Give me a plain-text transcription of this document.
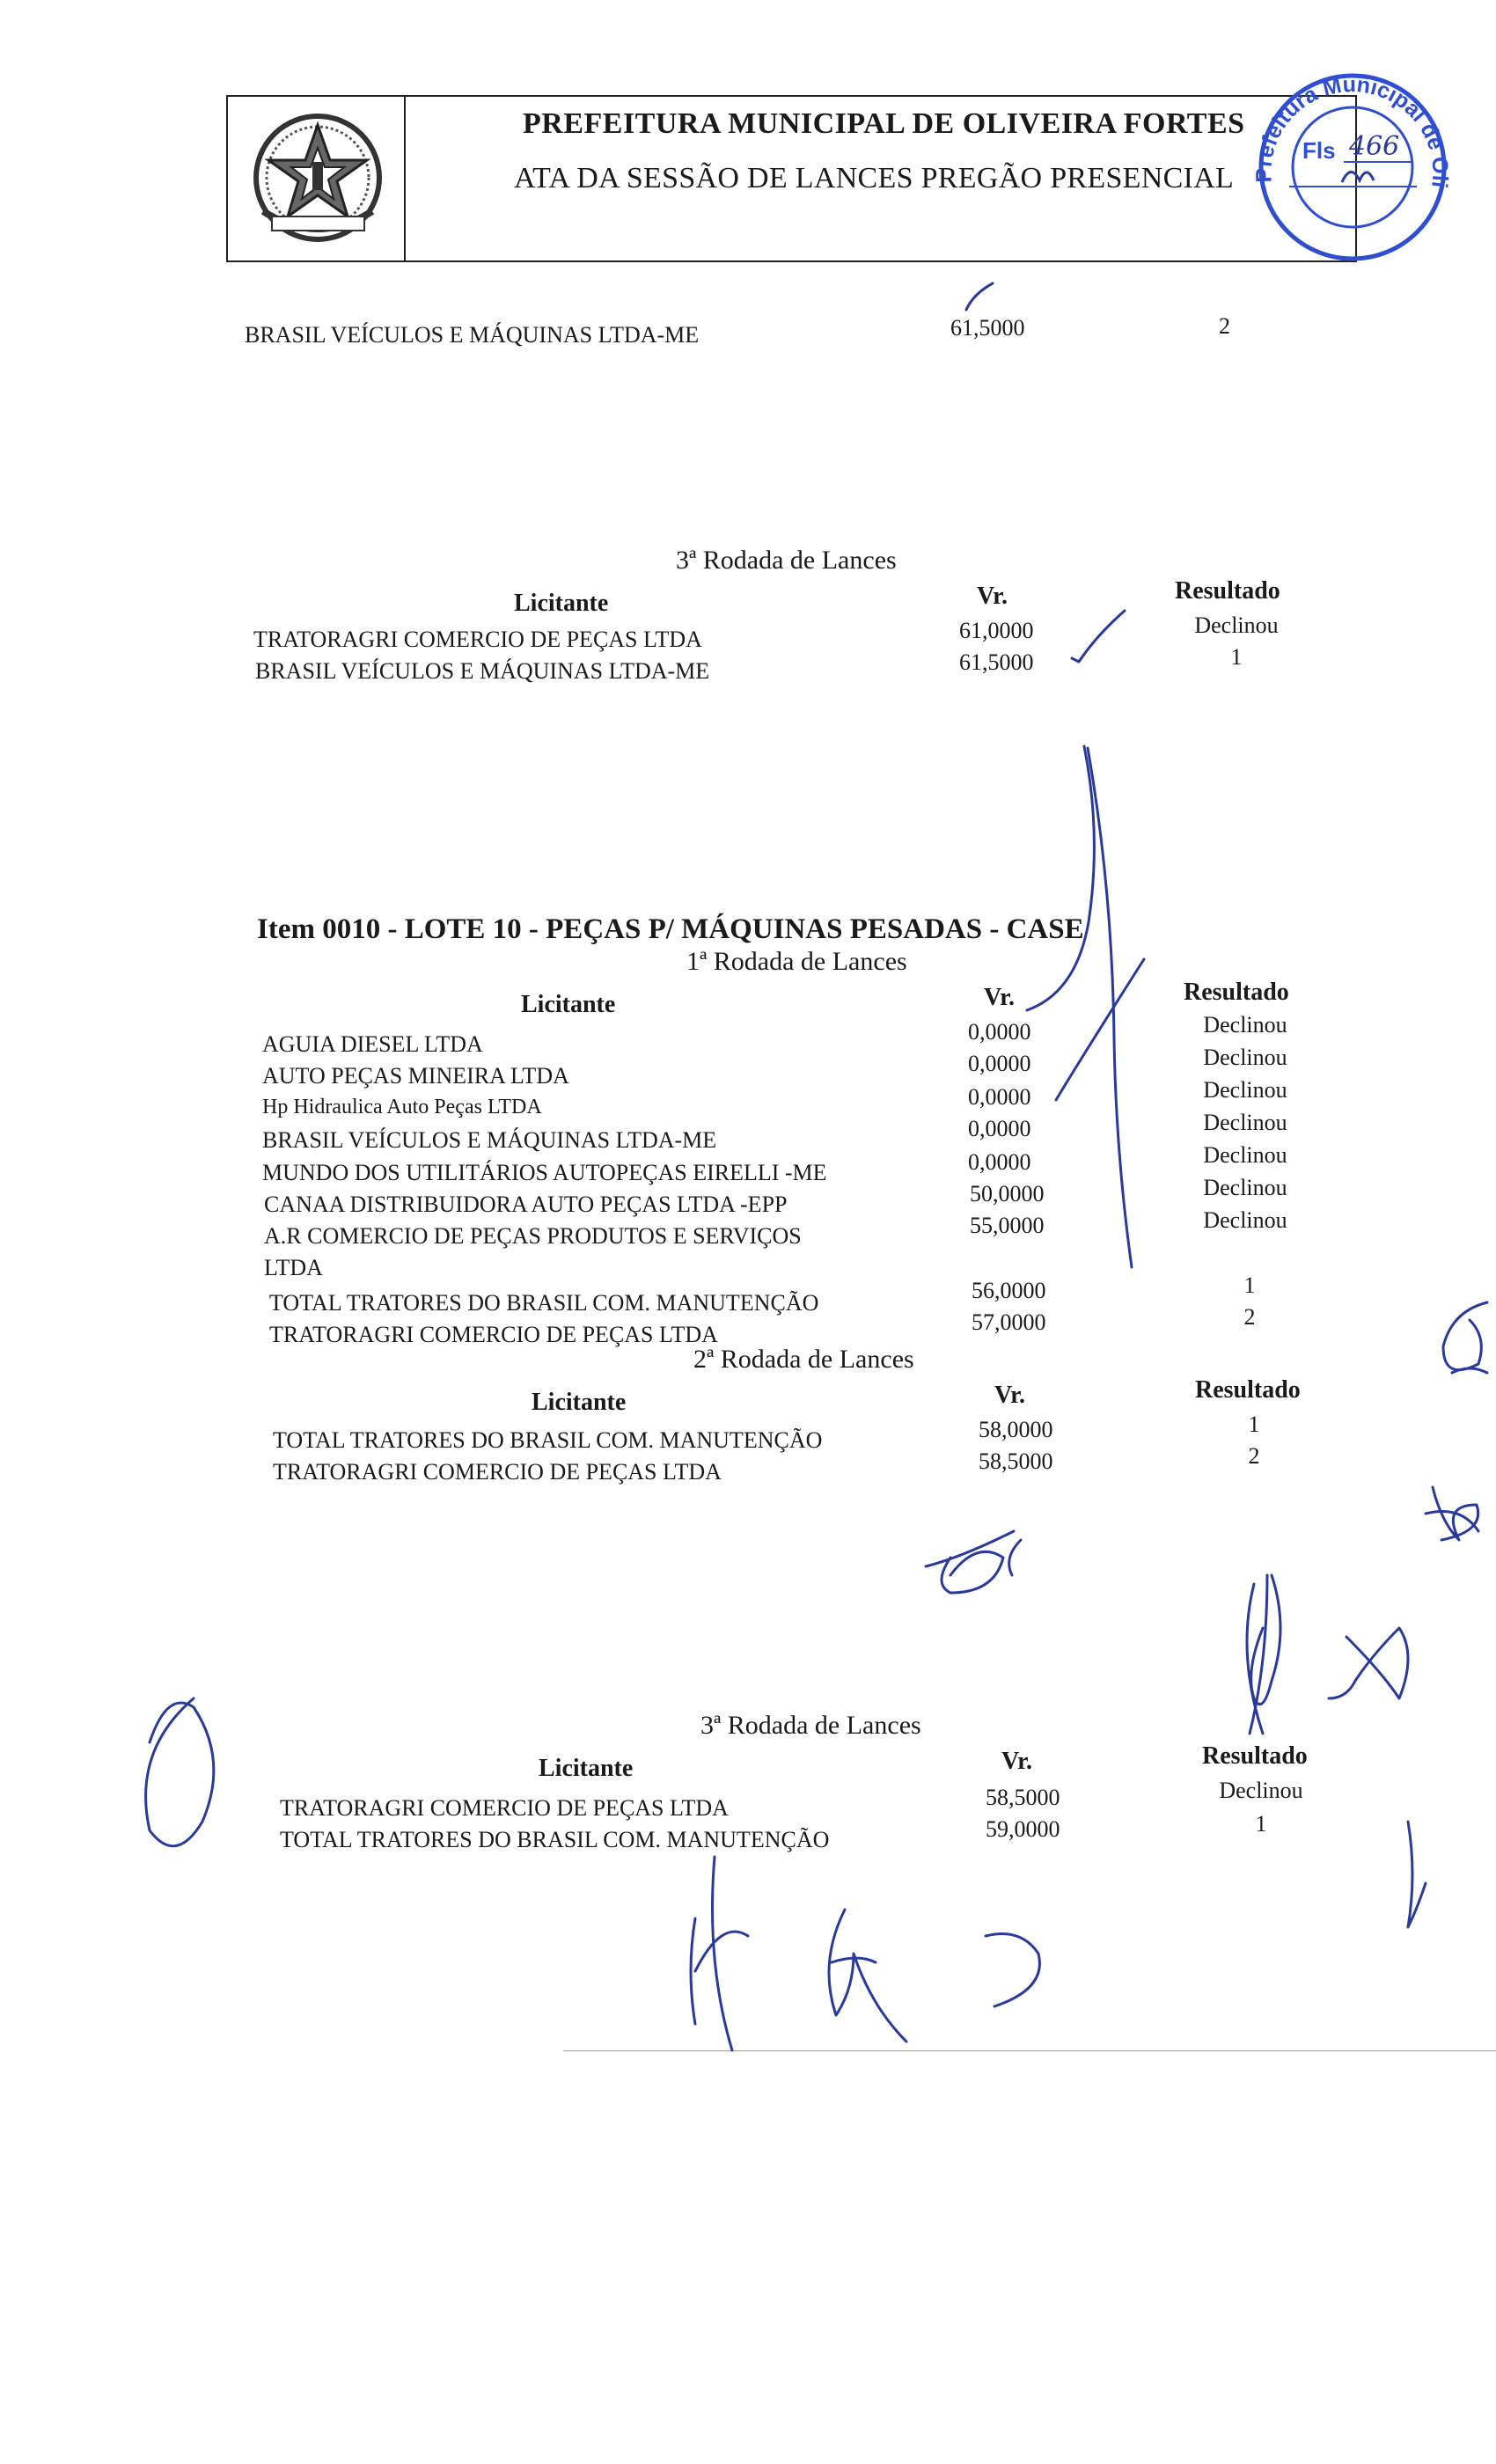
PREFEITURA MUNICIPAL DE OLIVEIRA FORTES
ATA DA SESSÃO DE LANCES PREGÃO PRESENCIAL Prefeitura Municipal de Oli
Fls 466
BRASIL VEÍCULOS E MÁQUINAS LTDA-ME	61,5000	2
3ª Rodada de Lances
Licitante	Vr.	Resultado
TRATORAGRI COMERCIO DE PEÇAS LTDA	61,0000	Declinou
BRASIL VEÍCULOS E MÁQUINAS LTDA-ME	61,5000	1
Item 0010 - LOTE 10 - PEÇAS P/ MÁQUINAS PESADAS - CASE
1ª Rodada de Lances
Licitante	Vr.	Resultado
AGUIA DIESEL LTDA	0,0000	Declinou
AUTO PEÇAS MINEIRA LTDA	0,0000	Declinou
Hp Hidraulica Auto Peças LTDA	0,0000	Declinou
BRASIL VEÍCULOS E MÁQUINAS LTDA-ME	0,0000	Declinou
MUNDO DOS UTILITÁRIOS AUTOPEÇAS EIRELLI -ME	0,0000	Declinou
CANAA DISTRIBUIDORA AUTO PEÇAS LTDA -EPP	50,0000	Declinou
A.R COMERCIO DE PEÇAS PRODUTOS E SERVIÇOS
LTDA
55,0000	Declinou
TOTAL TRATORES DO BRASIL COM. MANUTENÇÃO	56,0000	1
TRATORAGRI COMERCIO DE PEÇAS LTDA	57,0000	2
2ª Rodada de Lances
Licitante	Vr.	Resultado
TOTAL TRATORES DO BRASIL COM. MANUTENÇÃO	58,0000	1
TRATORAGRI COMERCIO DE PEÇAS LTDA	58,5000	2
3ª Rodada de Lances
Licitante	Vr.	Resultado
TRATORAGRI COMERCIO DE PEÇAS LTDA	58,5000	Declinou
TOTAL TRATORES DO BRASIL COM. MANUTENÇÃO	59,0000	1
